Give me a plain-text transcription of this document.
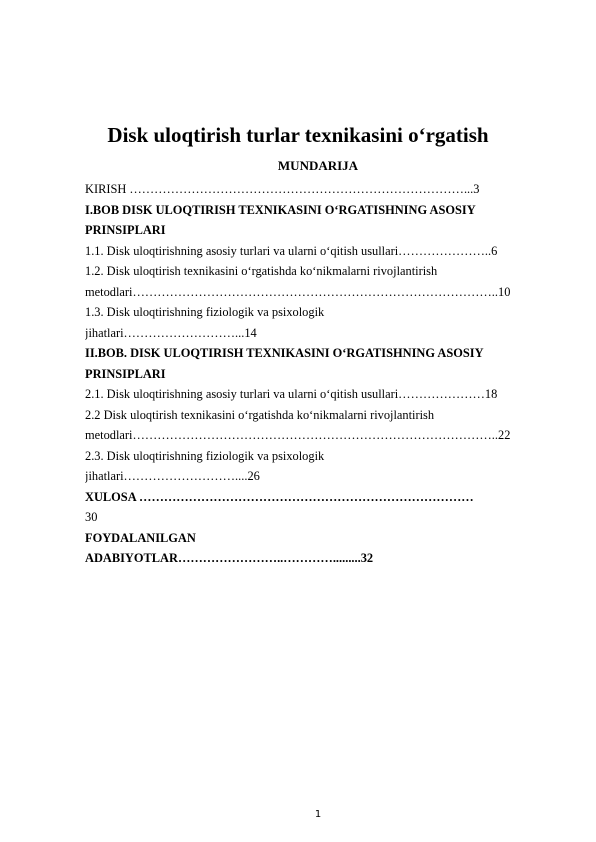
Disk uloqtirish turlar texnikasini o‘rgatish
MUNDARIJA
KIRISH ………………………………………………………………………...3
I.BOB DISK ULOQTIRISH TEXNIKASINI O‘RGATISHNING ASOSIY
PRINSIPLARI
1.1. Disk uloqtirishning asosiy turlari va ularni o‘qitish usullari…………………..6
1.2. Disk uloqtirish texnikasini o‘rgatishda ko‘nikmalarni rivojlantirish
metodlari……………………………………………………………………………..10
1.3. Disk uloqtirishning fiziologik va psixologik
jihatlari………………………...14
II.BOB. DISK ULOQTIRISH TEXNIKASINI O‘RGATISHNING ASOSIY
PRINSIPLARI
2.1. Disk uloqtirishning asosiy turlari va ularni o‘qitish usullari…………………18
2.2 Disk uloqtirish texnikasini o‘rgatishda ko‘nikmalarni rivojlantirish
metodlari……………………………………………………………………………..22
2.3. Disk uloqtirishning fiziologik va psixologik
jihatlari………………………....26
XULOSA ………………………………………………………………………
30
FOYDALANILGAN
ADABIYOTLAR……………………..………….........32
1
